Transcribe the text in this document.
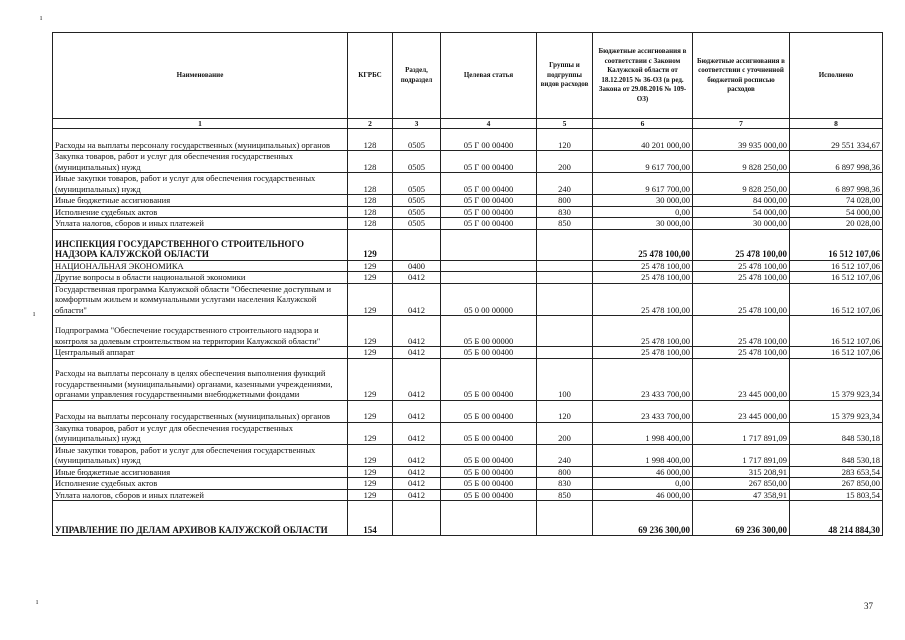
Наименование	КГРБС	Раздел, подраздел	Целевая статья	Группы и подгруппы видов расходов	Бюджетные ассигнования в соответствии с Законом Калужской области от 18.12.2015 № 36-ОЗ (в ред. Закона от 29.08.2016 № 109-ОЗ)	Бюджетные ассигнования в соответствии с уточненной бюджетной росписью расходов	Исполнено
1	2	3	4	5	6	7	8
Расходы на выплаты персоналу государственных (муниципальных) органов	128	0505	05 Г 00 00400	120	40 201 000,00	39 935 000,00	29 551 334,67
Закупка товаров, работ и услуг для обеспечения государственных (муниципальных) нужд	128	0505	05 Г 00 00400	200	9 617 700,00	9 828 250,00	6 897 998,36
Иные закупки товаров, работ и услуг для обеспечения государственных (муниципальных) нужд	128	0505	05 Г 00 00400	240	9 617 700,00	9 828 250,00	6 897 998,36
Иные бюджетные ассигнования	128	0505	05 Г 00 00400	800	30 000,00	84 000,00	74 028,00
Исполнение судебных актов	128	0505	05 Г 00 00400	830	0,00	54 000,00	54 000,00
Уплата налогов, сборов и иных платежей	128	0505	05 Г 00 00400	850	30 000,00	30 000,00	20 028,00
ИНСПЕКЦИЯ ГОСУДАРСТВЕННОГО СТРОИТЕЛЬНОГО НАДЗОРА КАЛУЖСКОЙ ОБЛАСТИ	129				25 478 100,00	25 478 100,00	16 512 107,06
НАЦИОНАЛЬНАЯ ЭКОНОМИКА	129	0400			25 478 100,00	25 478 100,00	16 512 107,06
Другие вопросы в области национальной экономики	129	0412			25 478 100,00	25 478 100,00	16 512 107,06
Государственная программа Калужской области "Обеспечение доступным и комфортным жильем и коммунальными услугами населения Калужской области"	129	0412	05 0 00 00000		25 478 100,00	25 478 100,00	16 512 107,06
Подпрограмма "Обеспечение государственного строительного надзора и контроля за долевым строительством на территории Калужской области"	129	0412	05 Б 00 00000		25 478 100,00	25 478 100,00	16 512 107,06
Центральный аппарат	129	0412	05 Б 00 00400		25 478 100,00	25 478 100,00	16 512 107,06
Расходы на выплаты персоналу в целях обеспечения выполнения функций государственными (муниципальными) органами, казенными учреждениями, органами управления государственными внебюджетными фондами	129	0412	05 Б 00 00400	100	23 433 700,00	23 445 000,00	15 379 923,34
Расходы на выплаты персоналу государственных (муниципальных) органов	129	0412	05 Б 00 00400	120	23 433 700,00	23 445 000,00	15 379 923,34
Закупка товаров, работ и услуг для обеспечения государственных (муниципальных) нужд	129	0412	05 Б 00 00400	200	1 998 400,00	1 717 891,09	848 530,18
Иные закупки товаров, работ и услуг для обеспечения государственных (муниципальных) нужд	129	0412	05 Б 00 00400	240	1 998 400,00	1 717 891,09	848 530,18
Иные бюджетные ассигнования	129	0412	05 Б 00 00400	800	46 000,00	315 208,91	283 653,54
Исполнение судебных актов	129	0412	05 Б 00 00400	830	0,00	267 850,00	267 850,00
Уплата налогов, сборов и иных платежей	129	0412	05 Б 00 00400	850	46 000,00	47 358,91	15 803,54
УПРАВЛЕНИЕ ПО ДЕЛАМ АРХИВОВ КАЛУЖСКОЙ ОБЛАСТИ	154				69 236 300,00	69 236 300,00	48 214 884,30
ı
ı
ı	37
